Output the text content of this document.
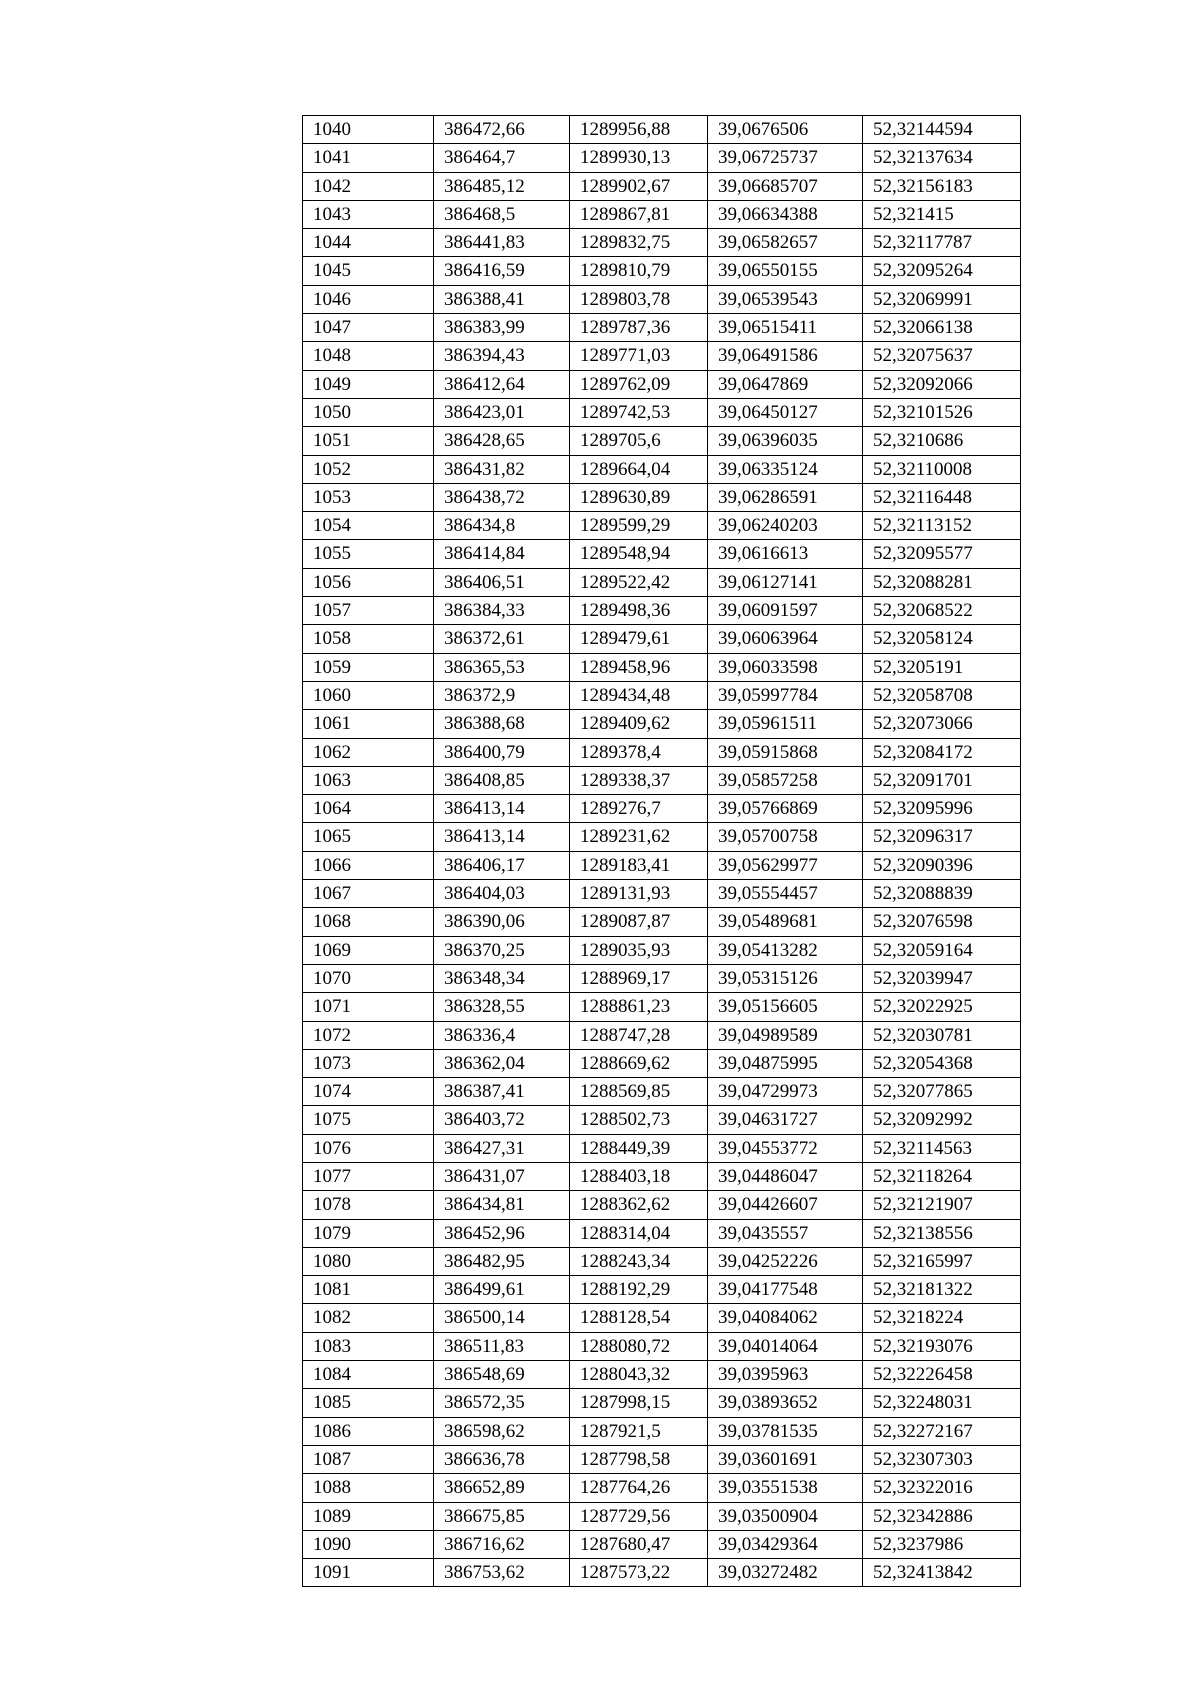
1040	386472,66	1289956,88	39,0676506	52,32144594
1041	386464,7	1289930,13	39,06725737	52,32137634
1042	386485,12	1289902,67	39,06685707	52,32156183
1043	386468,5	1289867,81	39,06634388	52,321415
1044	386441,83	1289832,75	39,06582657	52,32117787
1045	386416,59	1289810,79	39,06550155	52,32095264
1046	386388,41	1289803,78	39,06539543	52,32069991
1047	386383,99	1289787,36	39,06515411	52,32066138
1048	386394,43	1289771,03	39,06491586	52,32075637
1049	386412,64	1289762,09	39,0647869	52,32092066
1050	386423,01	1289742,53	39,06450127	52,32101526
1051	386428,65	1289705,6	39,06396035	52,3210686
1052	386431,82	1289664,04	39,06335124	52,32110008
1053	386438,72	1289630,89	39,06286591	52,32116448
1054	386434,8	1289599,29	39,06240203	52,32113152
1055	386414,84	1289548,94	39,0616613	52,32095577
1056	386406,51	1289522,42	39,06127141	52,32088281
1057	386384,33	1289498,36	39,06091597	52,32068522
1058	386372,61	1289479,61	39,06063964	52,32058124
1059	386365,53	1289458,96	39,06033598	52,3205191
1060	386372,9	1289434,48	39,05997784	52,32058708
1061	386388,68	1289409,62	39,05961511	52,32073066
1062	386400,79	1289378,4	39,05915868	52,32084172
1063	386408,85	1289338,37	39,05857258	52,32091701
1064	386413,14	1289276,7	39,05766869	52,32095996
1065	386413,14	1289231,62	39,05700758	52,32096317
1066	386406,17	1289183,41	39,05629977	52,32090396
1067	386404,03	1289131,93	39,05554457	52,32088839
1068	386390,06	1289087,87	39,05489681	52,32076598
1069	386370,25	1289035,93	39,05413282	52,32059164
1070	386348,34	1288969,17	39,05315126	52,32039947
1071	386328,55	1288861,23	39,05156605	52,32022925
1072	386336,4	1288747,28	39,04989589	52,32030781
1073	386362,04	1288669,62	39,04875995	52,32054368
1074	386387,41	1288569,85	39,04729973	52,32077865
1075	386403,72	1288502,73	39,04631727	52,32092992
1076	386427,31	1288449,39	39,04553772	52,32114563
1077	386431,07	1288403,18	39,04486047	52,32118264
1078	386434,81	1288362,62	39,04426607	52,32121907
1079	386452,96	1288314,04	39,0435557	52,32138556
1080	386482,95	1288243,34	39,04252226	52,32165997
1081	386499,61	1288192,29	39,04177548	52,32181322
1082	386500,14	1288128,54	39,04084062	52,3218224
1083	386511,83	1288080,72	39,04014064	52,32193076
1084	386548,69	1288043,32	39,0395963	52,32226458
1085	386572,35	1287998,15	39,03893652	52,32248031
1086	386598,62	1287921,5	39,03781535	52,32272167
1087	386636,78	1287798,58	39,03601691	52,32307303
1088	386652,89	1287764,26	39,03551538	52,32322016
1089	386675,85	1287729,56	39,03500904	52,32342886
1090	386716,62	1287680,47	39,03429364	52,3237986
1091	386753,62	1287573,22	39,03272482	52,32413842
